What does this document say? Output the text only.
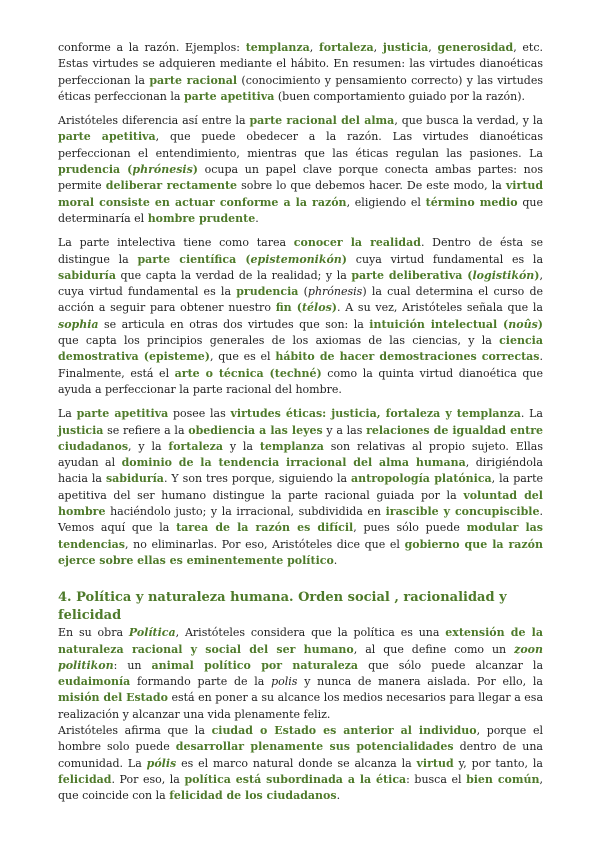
conforme a la razón. Ejemplos: templanza, fortaleza, justicia, generosidad, etc. Estas virtudes se adquieren mediante el hábito. En resumen: las virtudes dianoéticas perfeccionan la parte racional (conocimiento y pensamiento correcto) y las virtudes éticas perfeccionan la parte apetitiva (buen comportamiento guiado por la razón).

Aristóteles diferencia así entre la parte racional del alma, que busca la verdad, y la parte apetitiva, que puede obedecer a la razón. Las virtudes dianoéticas perfeccionan el entendimiento, mientras que las éticas regulan las pasiones. La prudencia (phrónesis) ocupa un papel clave porque conecta ambas partes: nos permite deliberar rectamente sobre lo que debemos hacer. De este modo, la virtud moral consiste en actuar conforme a la razón, eligiendo el término medio que determinaría el hombre prudente.

La parte intelectiva tiene como tarea conocer la realidad. Dentro de ésta se distingue la parte científica (epistemonikón) cuya virtud fundamental es la sabiduría que capta la verdad de la realidad; y la parte deliberativa (logistikón), cuya virtud fundamental es la prudencia (phrónesis) la cual determina el curso de acción a seguir para obtener nuestro fin (télos). A su vez, Aristóteles señala que la sophia se articula en otras dos virtudes que son: la intuición intelectual (noûs) que capta los principios generales de los axiomas de las ciencias, y la ciencia demostrativa (episteme), que es el hábito de hacer demostraciones correctas. Finalmente, está el arte o técnica (techné) como la quinta virtud dianoética que ayuda a perfeccionar la parte racional del hombre.

La parte apetitiva posee las virtudes éticas: justicia, fortaleza y templanza. La justicia se refiere a la obediencia a las leyes y a las relaciones de igualdad entre ciudadanos, y la fortaleza y la templanza son relativas al propio sujeto. Ellas ayudan al dominio de la tendencia irracional del alma humana, dirigiéndola hacia la sabiduría. Y son tres porque, siguiendo la antropología platónica, la parte apetitiva del ser humano distingue la parte racional guiada por la voluntad del hombre haciéndolo justo; y la irracional, subdividida en irascible y concupiscible. Vemos aquí que la tarea de la razón es difícil, pues sólo puede modular las tendencias, no eliminarlas. Por eso, Aristóteles dice que el gobierno que la razón ejerce sobre ellas es eminentemente político.

4. Política y naturaleza humana. Orden social , racionalidad y felicidad

En su obra Política, Aristóteles considera que la política es una extensión de la naturaleza racional y social del ser humano, al que define como un zoon politikon: un animal político por naturaleza que sólo puede alcanzar la eudaimonía formando parte de la polis y nunca de manera aislada. Por ello, la misión del Estado está en poner a su alcance los medios necesarios para llegar a esa realización y alcanzar una vida plenamente feliz.

Aristóteles afirma que la ciudad o Estado es anterior al individuo, porque el hombre solo puede desarrollar plenamente sus potencialidades dentro de una comunidad. La pólis es el marco natural donde se alcanza la virtud y, por tanto, la felicidad. Por eso, la política está subordinada a la ética: busca el bien común, que coincide con la felicidad de los ciudadanos.
